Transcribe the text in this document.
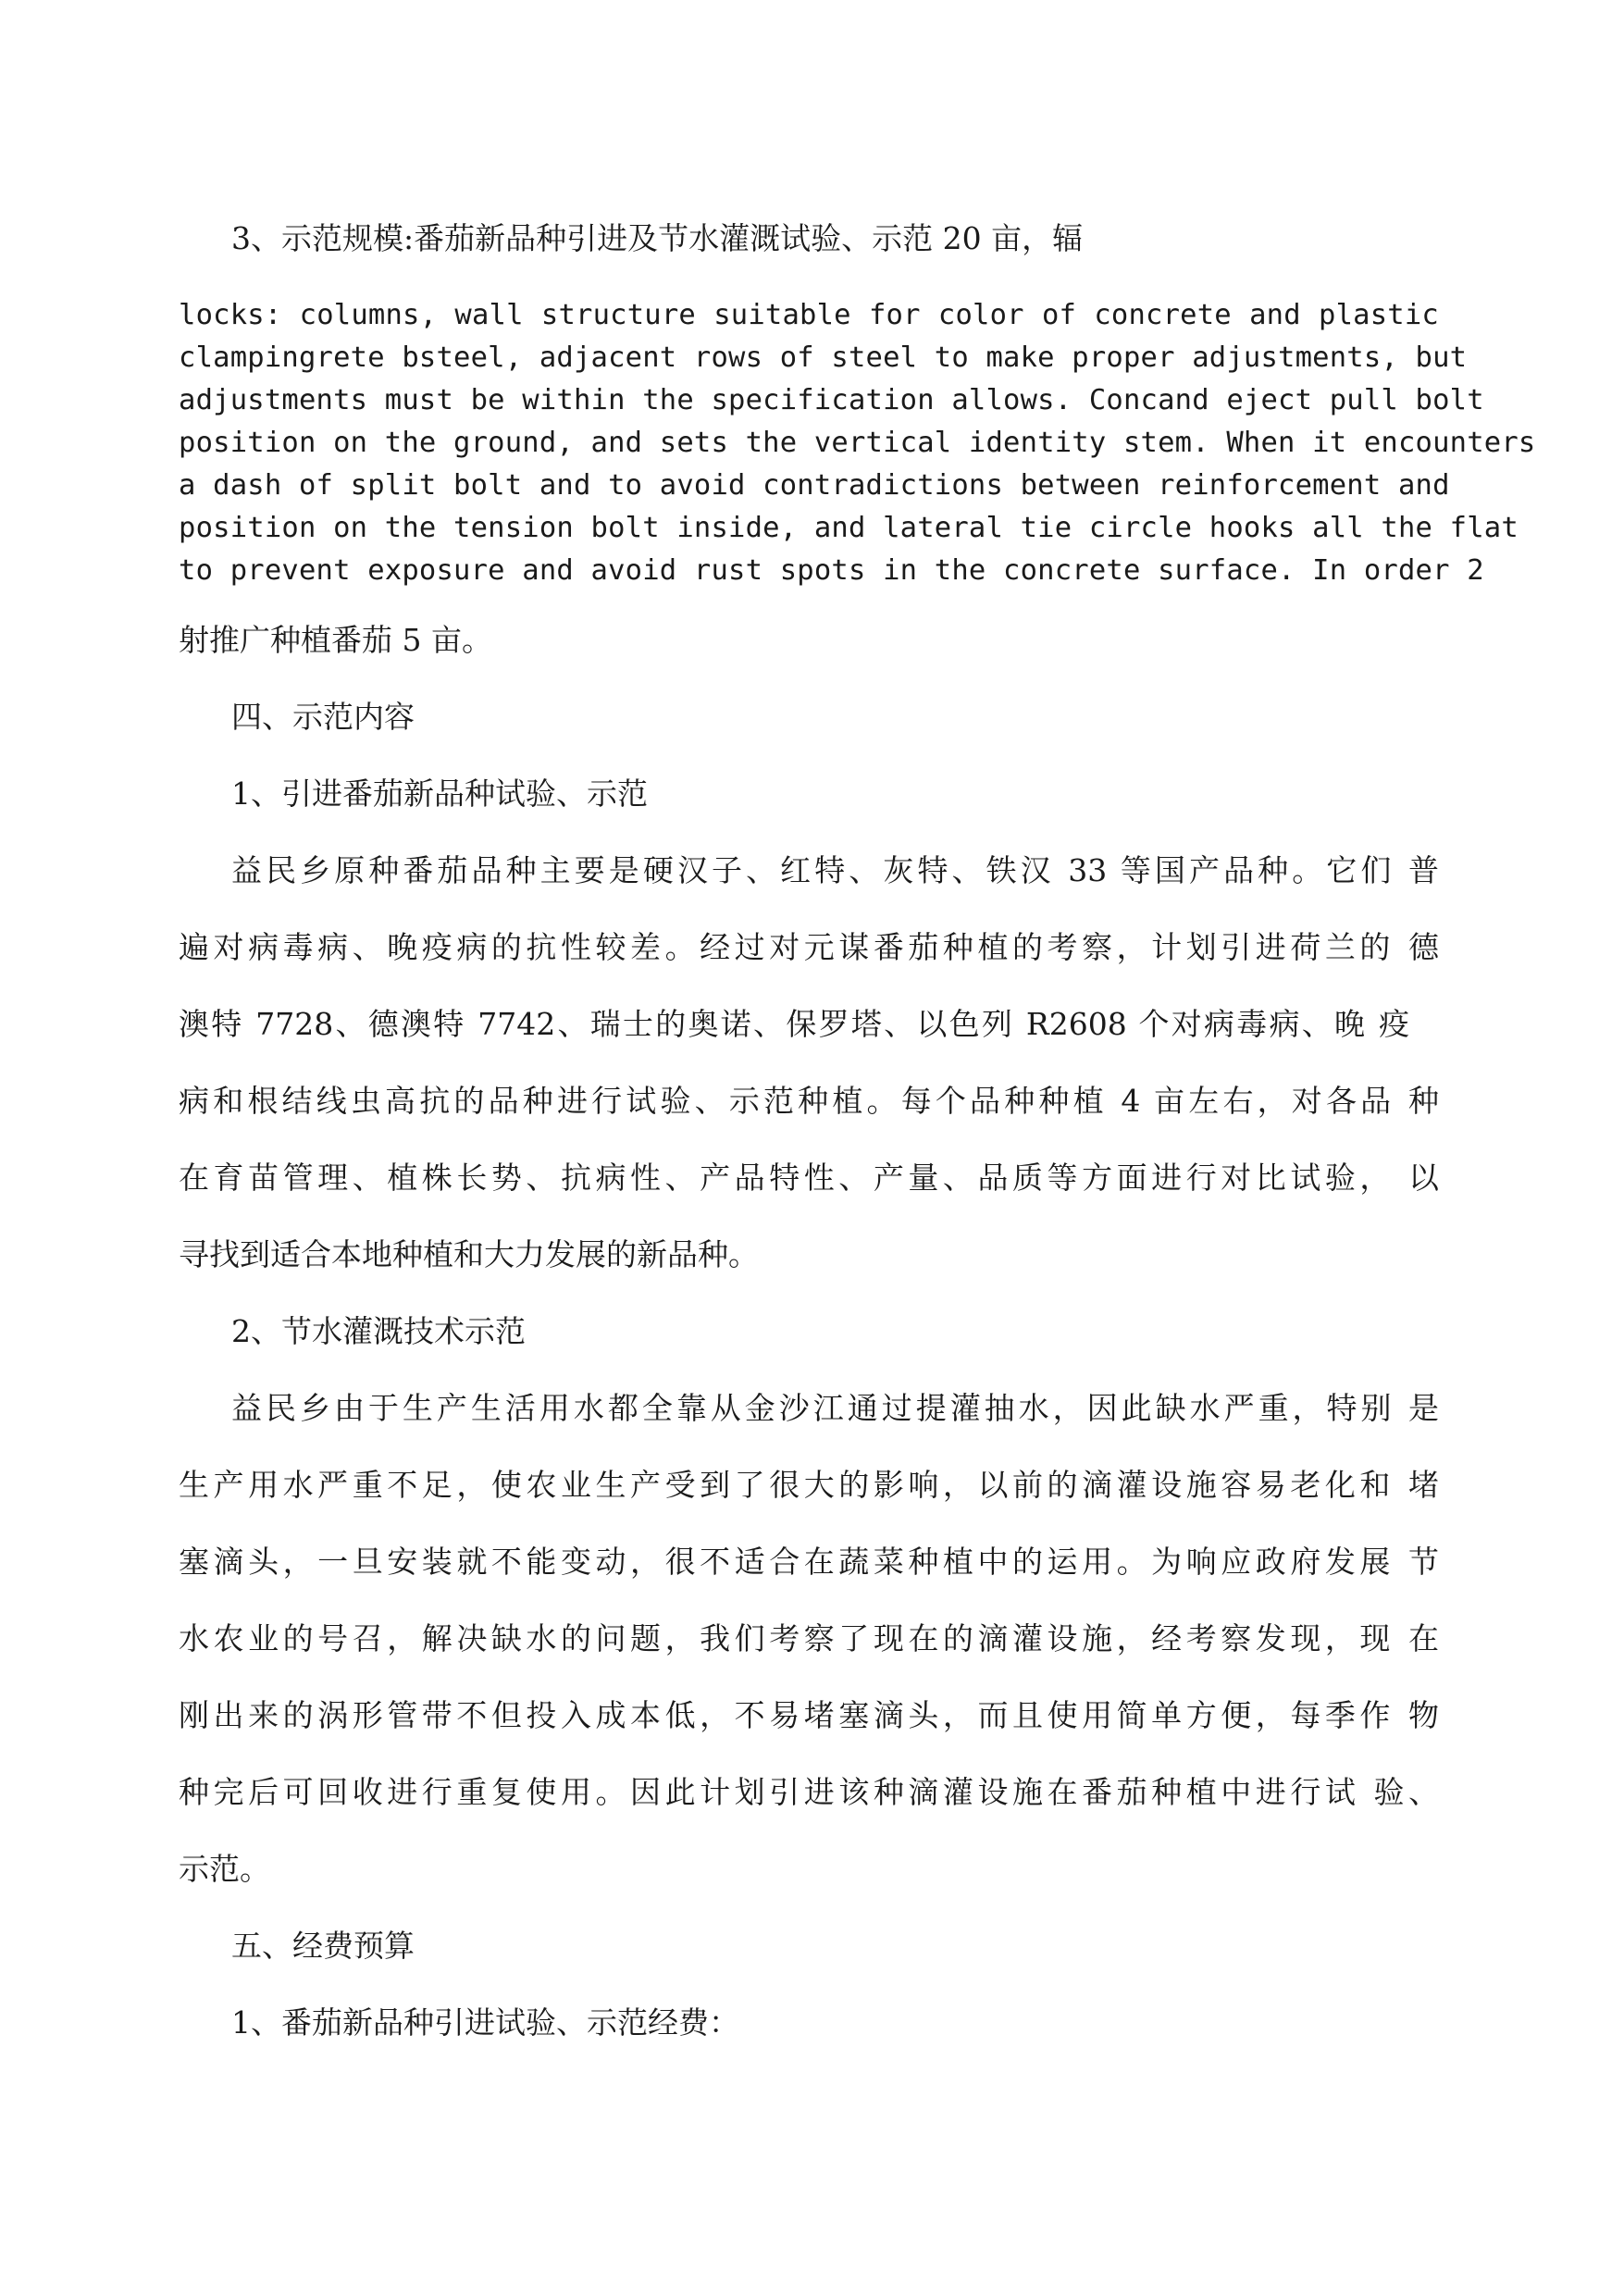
3、示范规模:番茄新品种引进及节水灌溉试验、示范 20 亩，辐
locks: columns, wall structure suitable for color of concrete and plastic
clampingrete bsteel, adjacent rows of steel to make proper adjustments, but
adjustments must be within the specification allows. Concand eject pull bolt
position on the ground, and sets the vertical identity stem. When it encounters
a dash of split bolt and to avoid contradictions between reinforcement and
position on the tension bolt inside, and lateral tie circle hooks all the flat
to prevent exposure and avoid rust spots in the concrete surface. In order 2
射推广种植番茄 5 亩。
四、示范内容
1、引进番茄新品种试验、示范
益民乡原种番茄品种主要是硬汉子、红特、灰特、铁汉 33 等国产品种。它们 普
遍对病毒病、晚疫病的抗性较差。经过对元谋番茄种植的考察，计划引进荷兰的 德
澳特 7728、德澳特 7742、瑞士的奥诺、保罗塔、以色列 R2608 个对病毒病、晚 疫
病和根结线虫高抗的品种进行试验、示范种植。每个品种种植 4 亩左右，对各品 种
在育苗管理、植株长势、抗病性、产品特性、产量、品质等方面进行对比试验， 以
寻找到适合本地种植和大力发展的新品种。
2、节水灌溉技术示范
益民乡由于生产生活用水都全靠从金沙江通过提灌抽水，因此缺水严重，特别 是
生产用水严重不足，使农业生产受到了很大的影响，以前的滴灌设施容易老化和 堵
塞滴头，一旦安装就不能变动，很不适合在蔬菜种植中的运用。为响应政府发展 节
水农业的号召，解决缺水的问题，我们考察了现在的滴灌设施，经考察发现，现 在
刚出来的涡形管带不但投入成本低，不易堵塞滴头，而且使用简单方便，每季作 物
种完后可回收进行重复使用。因此计划引进该种滴灌设施在番茄种植中进行试 验、
示范。
五、经费预算
1、番茄新品种引进试验、示范经费：
